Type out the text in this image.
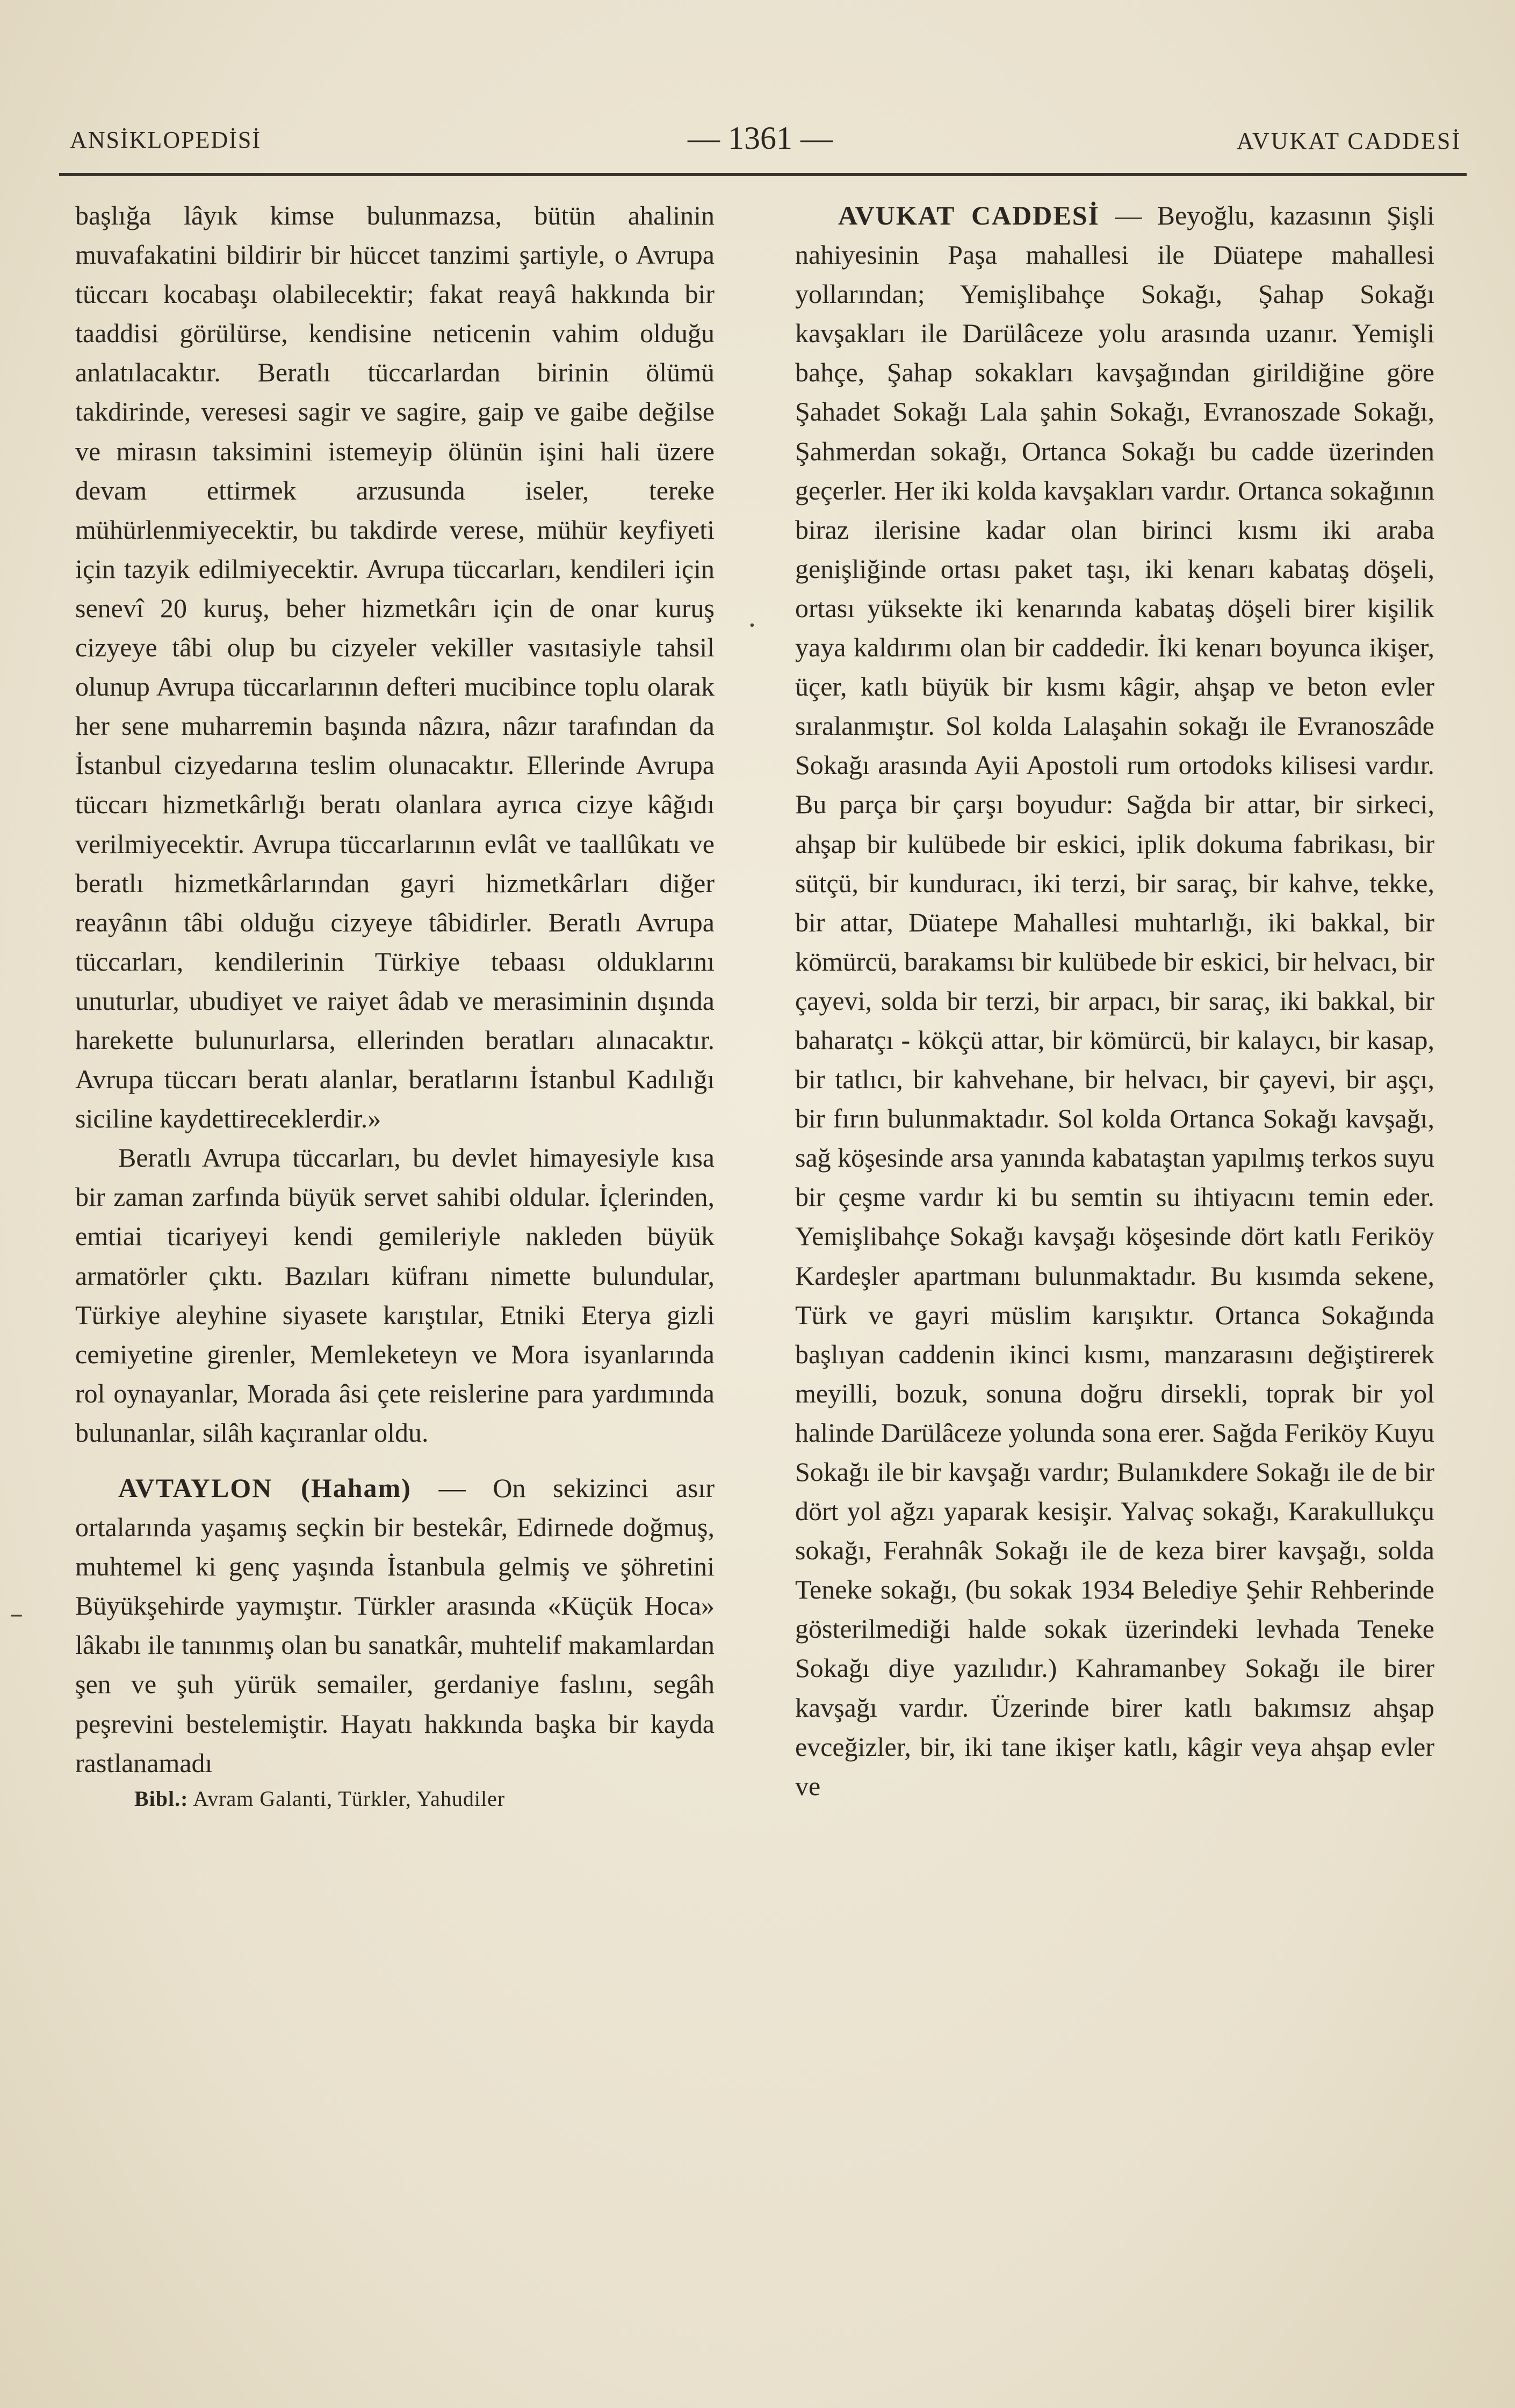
ANSİKLOPEDİSİ	— 1361 —	AVUKAT CADDESİ

başlığa lâyık kimse bulunmazsa, bütün ahalinin muvafakatini bildirir bir hüccet tanzimi şartiyle, o Avrupa tüccarı kocabaşı olabilecektir; fakat reayâ hakkında bir taaddisi görülürse, kendisine neticenin vahim olduğu anlatılacaktır. Beratlı tüccarlardan birinin ölümü takdirinde, veresesi sagir ve sagire, gaip ve gaibe değilse ve mirasın taksimini istemeyip ölünün işini hali üzere devam ettirmek arzusunda iseler, tereke mühürlenmiyecektir, bu takdirde verese, mühür keyfiyeti için tazyik edilmiyecektir. Avrupa tüccarları, kendileri için senevî 20 kuruş, beher hizmetkârı için de onar kuruş cizyeye tâbi olup bu cizyeler vekiller vasıtasiyle tahsil olunup Avrupa tüccarlarının defteri mucibince toplu olarak her sene muharremin başında nâzıra, nâzır tarafından da İstanbul cizyedarına teslim olunacaktır. Ellerinde Avrupa tüccarı hizmetkârlığı beratı olanlara ayrıca cizye kâğıdı verilmiyecektir. Avrupa tüccarlarının evlât ve taallûkatı ve beratlı hizmetkârlarından gayri hizmetkârları diğer reayânın tâbi olduğu cizyeye tâbidirler. Beratlı Avrupa tüccarları, kendilerinin Türkiye tebaası olduklarını unuturlar, ubudiyet ve raiyet âdab ve merasiminin dışında harekette bulunurlarsa, ellerinden beratları alınacaktır. Avrupa tüccarı beratı alanlar, beratlarını İstanbul Kadılığı siciline kaydettireceklerdir.»

Beratlı Avrupa tüccarları, bu devlet himayesiyle kısa bir zaman zarfında büyük servet sahibi oldular. İçlerinden, emtiai ticariyeyi kendi gemileriyle nakleden büyük armatörler çıktı. Bazıları küfranı nimette bulundular, Türkiye aleyhine siyasete karıştılar, Etniki Eterya gizli cemiyetine girenler, Memleketeyn ve Mora isyanlarında rol oynayanlar, Morada âsi çete reislerine para yardımında bulunanlar, silâh kaçıranlar oldu.

AVTAYLON (Haham) — On sekizinci asır ortalarında yaşamış seçkin bir bestekâr, Edirnede doğmuş, muhtemel ki genç yaşında İstanbula gelmiş ve şöhretini Büyükşehirde yaymıştır. Türkler arasında «Küçük Hoca» lâkabı ile tanınmış olan bu sanatkâr, muhtelif makamlardan şen ve şuh yürük semailer, gerdaniye faslını, segâh peşrevini bestelemiştir. Hayatı hakkında başka bir kayda rastlanamadı

Bibl.: Avram Galanti, Türkler, Yahudiler

AVUKAT CADDESİ — Beyoğlu, kazasının Şişli nahiyesinin Paşa mahallesi ile Düatepe mahallesi yollarından; Yemişlibahçe Sokağı, Şahap Sokağı kavşakları ile Darülâceze yolu arasında uzanır. Yemişli bahçe, Şahap sokakları kavşağından girildiğine göre Şahadet Sokağı Lala şahin Sokağı, Evranoszade Sokağı, Şahmerdan sokağı, Ortanca Sokağı bu cadde üzerinden geçerler. Her iki kolda kavşakları vardır. Ortanca sokağının biraz ilerisine kadar olan birinci kısmı iki araba genişliğinde ortası paket taşı, iki kenarı kabataş döşeli, ortası yüksekte iki kenarında kabataş döşeli birer kişilik yaya kaldırımı olan bir caddedir. İki kenarı boyunca ikişer, üçer, katlı büyük bir kısmı kâgir, ahşap ve beton evler sıralanmıştır. Sol kolda Lalaşahin sokağı ile Evranoszâde Sokağı arasında Ayii Apostoli rum ortodoks kilisesi vardır. Bu parça bir çarşı boyudur: Sağda bir attar, bir sirkeci, ahşap bir kulübede bir eskici, iplik dokuma fabrikası, bir sütçü, bir kunduracı, iki terzi, bir saraç, bir kahve, tekke, bir attar, Düatepe Mahallesi muhtarlığı, iki bakkal, bir kömürcü, barakamsı bir kulübede bir eskici, bir helvacı, bir çayevi, solda bir terzi, bir arpacı, bir saraç, iki bakkal, bir baharatçı - kökçü attar, bir kömürcü, bir kalaycı, bir kasap, bir tatlıcı, bir kahvehane, bir helvacı, bir çayevi, bir aşçı, bir fırın bulunmaktadır. Sol kolda Ortanca Sokağı kavşağı, sağ köşesinde arsa yanında kabataştan yapılmış terkos suyu bir çeşme vardır ki bu semtin su ihtiyacını temin eder. Yemişlibahçe Sokağı kavşağı köşesinde dört katlı Feriköy Kardeşler apartmanı bulunmaktadır. Bu kısımda sekene, Türk ve gayri müslim karışıktır. Ortanca Sokağında başlıyan caddenin ikinci kısmı, manzarasını değiştirerek meyilli, bozuk, sonuna doğru dirsekli, toprak bir yol halinde Darülâceze yolunda sona erer. Sağda Feriköy Kuyu Sokağı ile bir kavşağı vardır; Bulanıkdere Sokağı ile de bir dört yol ağzı yaparak kesişir. Yalvaç sokağı, Karakullukçu sokağı, Ferahnâk Sokağı ile de keza birer kavşağı, solda Teneke sokağı, (bu sokak 1934 Belediye Şehir Rehberinde gösterilmediği halde sokak üzerindeki levhada Teneke Sokağı diye yazılıdır.) Kahramanbey Sokağı ile birer kavşağı vardır. Üzerinde birer katlı bakımsız ahşap evceğizler, bir, iki tane ikişer katlı, kâgir veya ahşap evler ve

·
–
